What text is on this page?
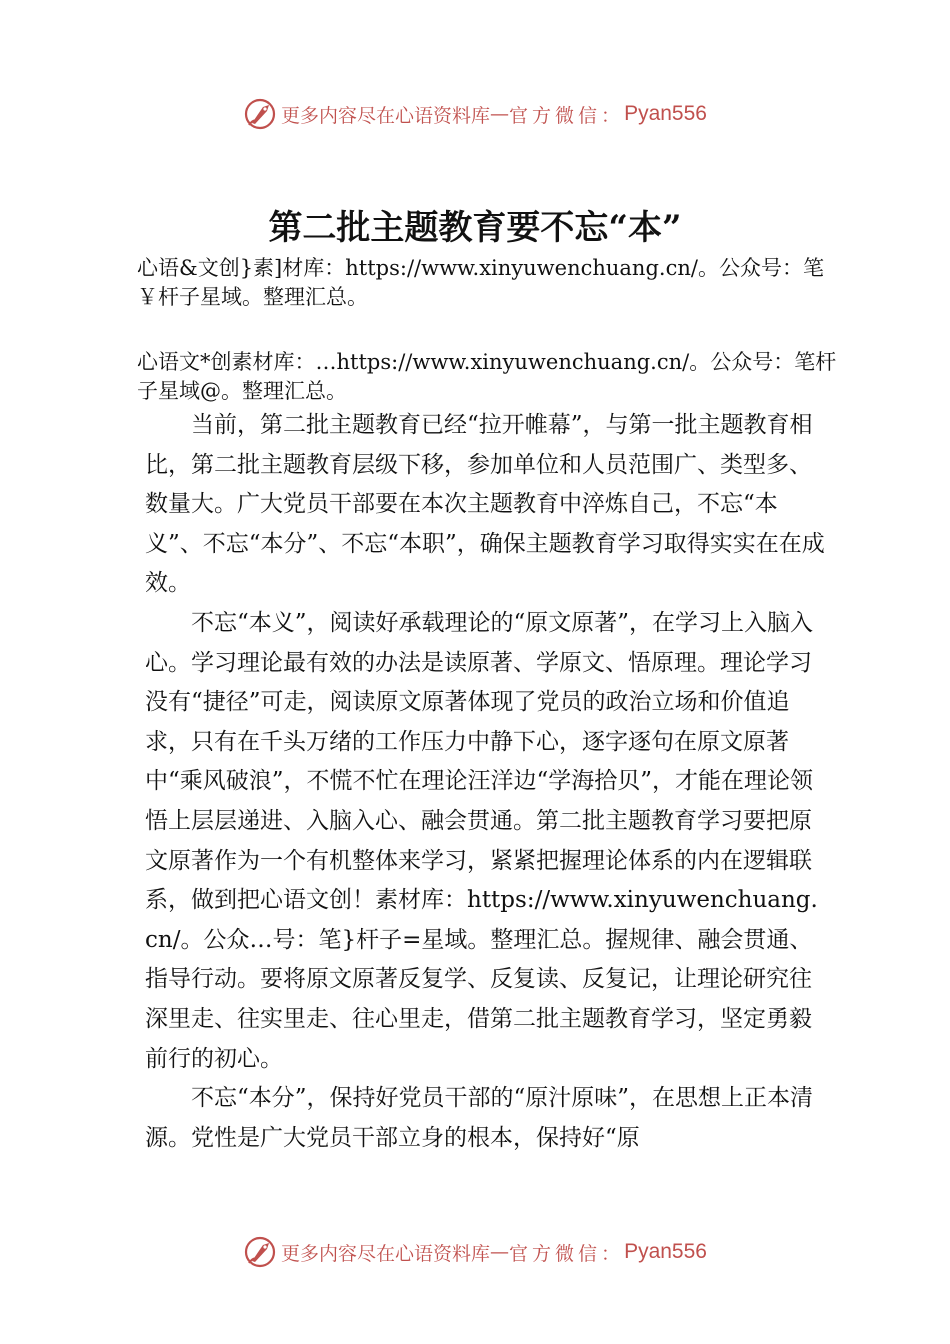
更多内容尽在心语资料库 — 官方微信： Pyan556
第二批主题教育要不忘“本”
心语&文创}素]材库：https://www.xinyuwenchuang.cn/。公众号：笔￥杆子星域。整理汇总。
心语文*创素材库：…https://www.xinyuwenchuang.cn/。公众号：笔杆子星域@。整理汇总。

当前，第二批主题教育已经“拉开帷幕”，与第一批主题教育相比，第二批主题教育层级下移，参加单位和人员范围广、类型多、数量大。广大党员干部要在本次主题教育中淬炼自己，不忘“本义”、不忘“本分”、不忘“本职”，确保主题教育学习取得实实在在成效。

不忘“本义”，阅读好承载理论的“原文原著”，在学习上入脑入心。学习理论最有效的办法是读原著、学原文、悟原理。理论学习没有“捷径”可走，阅读原文原著体现了党员的政治立场和价值追求，只有在千头万绪的工作压力中静下心，逐字逐句在原文原著中“乘风破浪”，不慌不忙在理论汪洋边“学海拾贝”，才能在理论领悟上层层递进、入脑入心、融会贯通。第二批主题教育学习要把原文原著作为一个有机整体来学习，紧紧把握理论体系的内在逻辑联系，做到把心语文创！素材库：https://www.xinyuwenchuang.cn/。公众…号：笔}杆子=星域。整理汇总。握规律、融会贯通、指导行动。要将原文原著反复学、反复读、反复记，让理论研究往深里走、往实里走、往心里走，借第二批主题教育学习，坚定勇毅前行的初心。

不忘“本分”，保持好党员干部的“原汁原味”，在思想上正本清源。党性是广大党员干部立身的根本，保持好“原

更多内容尽在心语资料库 — 官方微信： Pyan556
